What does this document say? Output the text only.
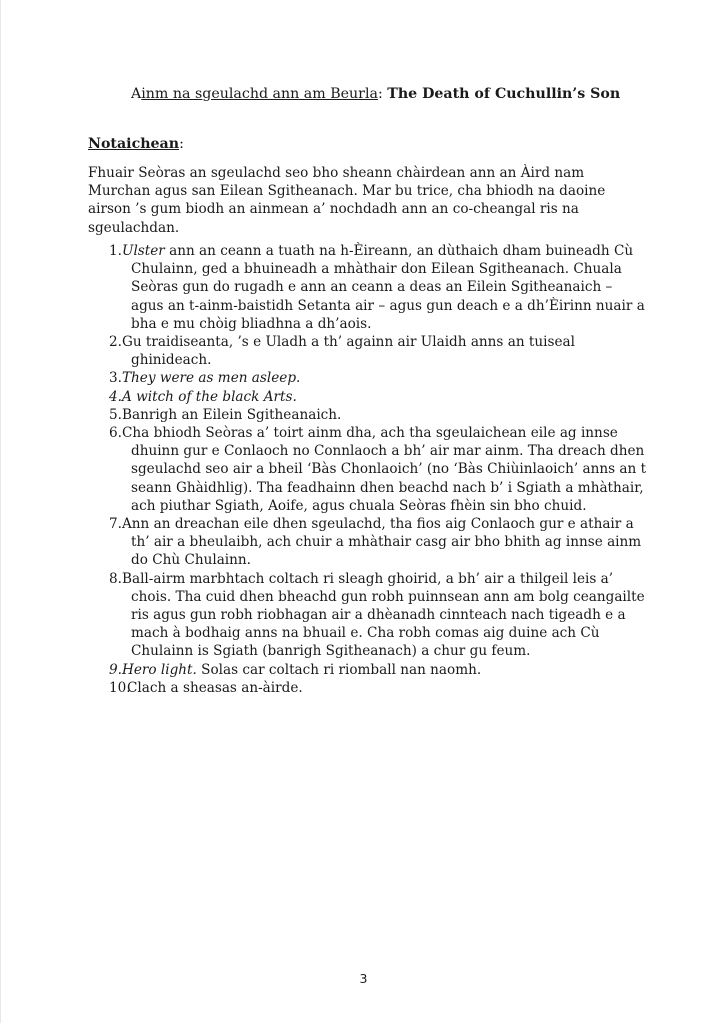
Ainm na sgeulachd ann am Beurla: The Death of Cuchullin’s Son
Notaichean:
Fhuair Seòras an sgeulachd seo bho sheann chàirdean ann an Àird nam Murchan agus san Eilean Sgitheanach. Mar bu trice, cha bhiodh na daoine airson ’s gum biodh an ainmean a’ nochdadh ann an co-cheangal ris na sgeulachdan.
1.Ulster ann an ceann a tuath na h-Èireann, an dùthaich dham buineadh Cù Chulainn, ged a bhuineadh a mhàthair don Eilean Sgitheanach. Chuala Seòras gun do rugadh e ann an ceann a deas an Eilein Sgitheanaich – agus an t-ainm-baistidh Setanta air – agus gun deach e a dh’Èirinn nuair a bha e mu chòig bliadhna a dh’aois.
2.Gu traidiseanta, ’s e Uladh a th’ againn air Ulaidh anns an tuiseal ghinideach.
3.They were as men asleep.
4.A witch of the black Arts.
5.Banrigh an Eilein Sgitheanaich.
6.Cha bhiodh Seòras a’ toirt ainm dha, ach tha sgeulaichean eile ag innse dhuinn gur e Conlaoch no Connlaoch a bh’ air mar ainm. Tha dreach dhen sgeulachd seo air a bheil ‘Bàs Chonlaoich’ (no ‘Bàs Chiùinlaoich’ anns an t seann Ghàidhlig). Tha feadhainn dhen beachd nach b’ i Sgiath a mhàthair, ach piuthar Sgiath, Aoife, agus chuala Seòras fhèin sin bho chuid.
7.Ann an dreachan eile dhen sgeulachd, tha fios aig Conlaoch gur e athair a th’ air a bheulaibh, ach chuir a mhàthair casg air bho bhith ag innse ainm do Chù Chulainn.
8.Ball-airm marbhtach coltach ri sleagh ghoirid, a bh’ air a thilgeil leis a’ chois. Tha cuid dhen bheachd gun robh puinnsean ann am bolg ceangailte ris agus gun robh riobhagan air a dhèanadh cinnteach nach tigeadh e a mach à bodhaig anns na bhuail e. Cha robh comas aig duine ach Cù Chulainn is Sgiath (banrigh Sgitheanach) a chur gu feum.
9.Hero light. Solas car coltach ri riomball nan naomh.
10.Clach a sheasas an-àirde.
3
